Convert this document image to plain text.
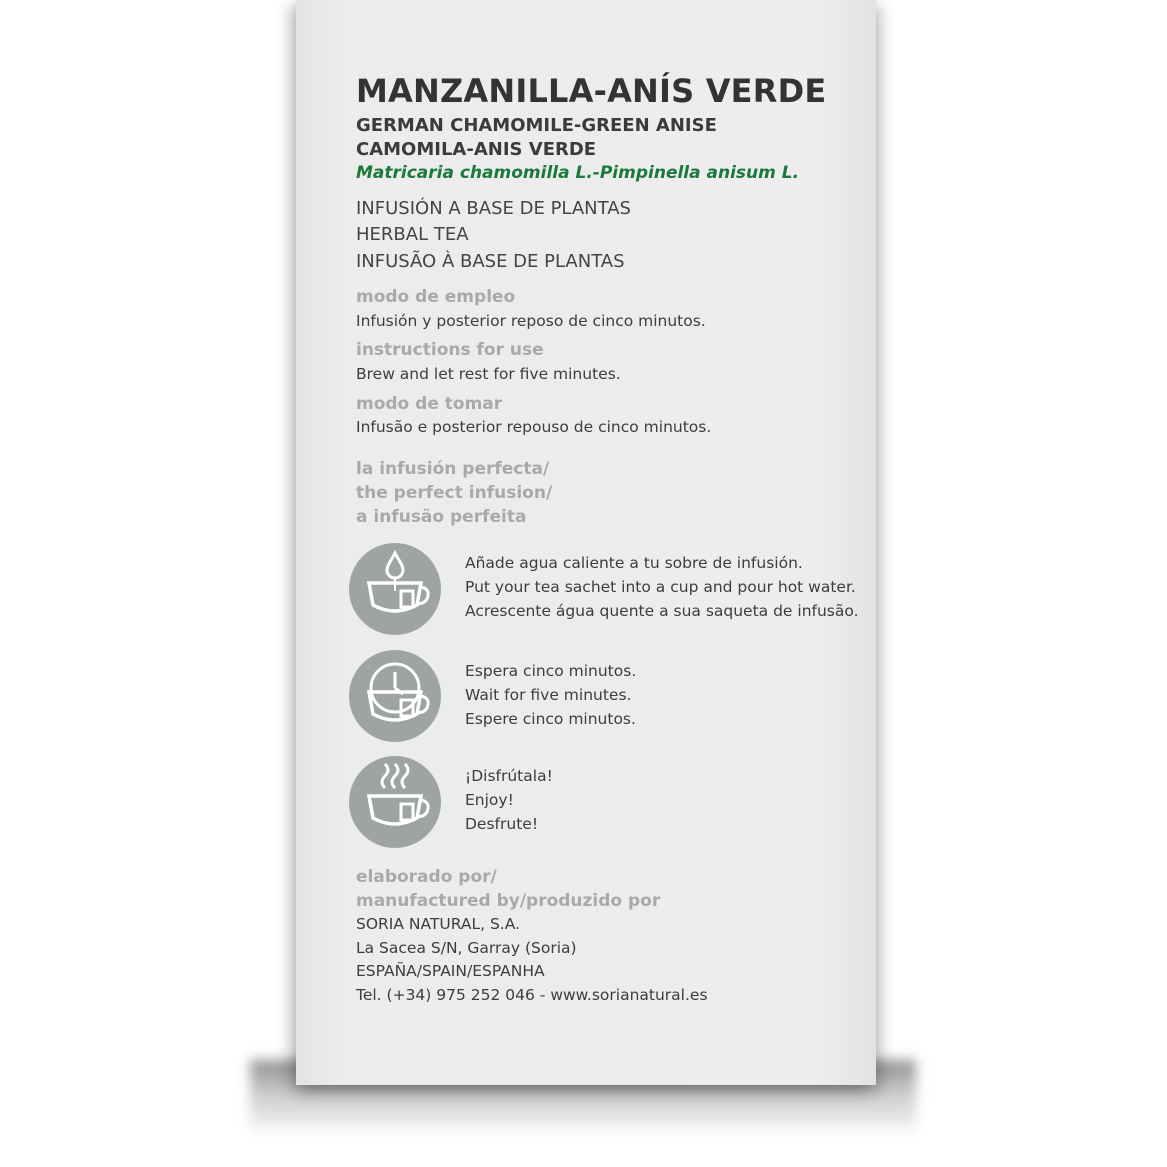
MANZANILLA-ANÍS VERDE
GERMAN CHAMOMILE-GREEN ANISE
CAMOMILA-ANIS VERDE
Matricaria chamomilla L.-Pimpinella anisum L.
INFUSIÓN A BASE DE PLANTAS
HERBAL TEA
INFUSÃO À BASE DE PLANTAS
modo de empleo
Infusión y posterior reposo de cinco minutos.
instructions for use
Brew and let rest for five minutes.
modo de tomar
Infusão e posterior repouso de cinco minutos.
la infusión perfecta/
the perfect infusion/
a infusão perfeita
Añade agua caliente a tu sobre de infusión.
Put your tea sachet into a cup and pour hot water.
Acrescente água quente a sua saqueta de infusão.
Espera cinco minutos.
Wait for five minutes.
Espere cinco minutos.
¡Disfrútala!
Enjoy!
Desfrute!
elaborado por/
manufactured by/produzido por
SORIA NATURAL, S.A.
La Sacea S/N, Garray (Soria)
ESPAÑA/SPAIN/ESPANHA
Tel. (+34) 975 252 046 - www.sorianatural.es
